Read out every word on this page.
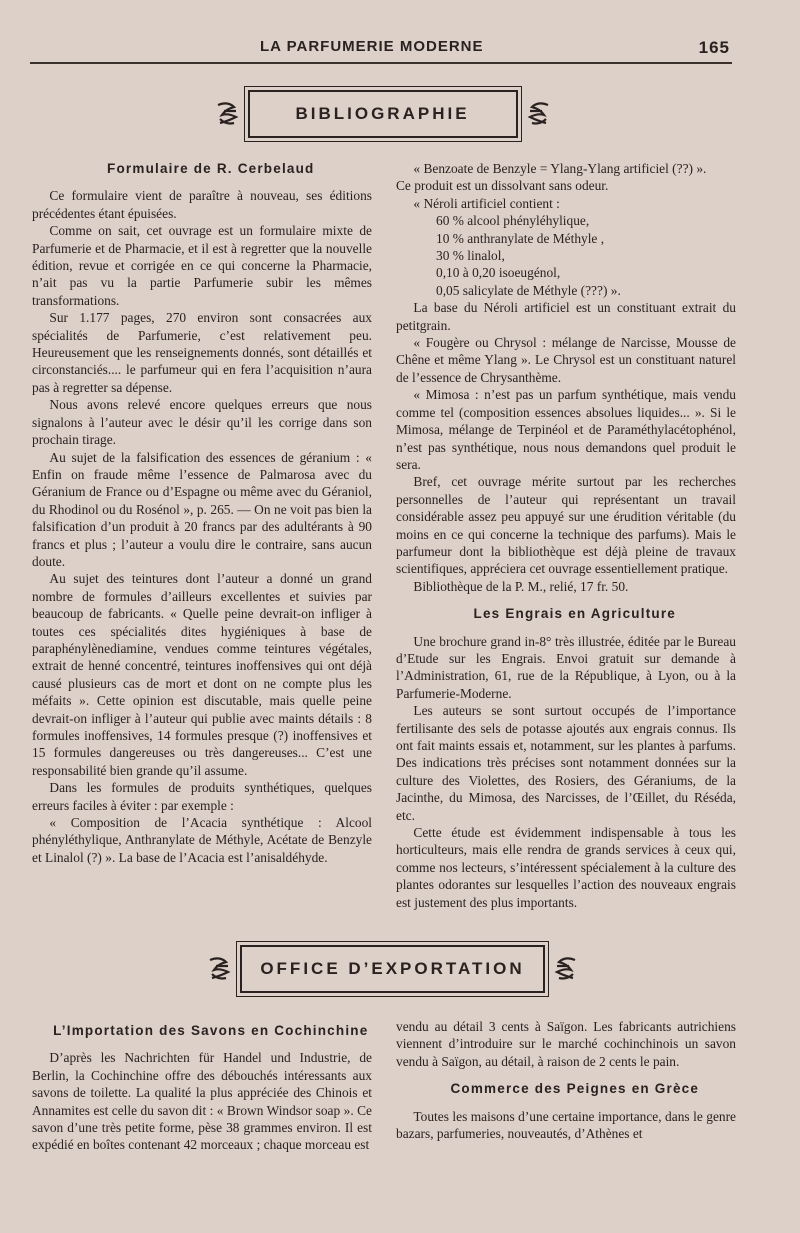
LA PARFUMERIE MODERNE	165
BIBLIOGRAPHIE

Formulaire de R. Cerbelaud

Ce formulaire vient de paraître à nouveau, ses éditions précédentes étant épuisées.

Comme on sait, cet ouvrage est un formulaire mixte de Parfumerie et de Pharmacie, et il est à regretter que la nouvelle édition, revue et corrigée en ce qui concerne la Pharmacie, n’ait pas vu la partie Parfumerie subir les mêmes transformations.

Sur 1.177 pages, 270 environ sont consacrées aux spécialités de Parfumerie, c’est relativement peu. Heureusement que les renseignements donnés, sont détaillés et circonstanciés.... le parfumeur qui en fera l’acquisition n’aura pas à regretter sa dépense.

Nous avons relevé encore quelques erreurs que nous signalons à l’auteur avec le désir qu’il les corrige dans son prochain tirage.

Au sujet de la falsification des essences de géranium : « Enfin on fraude même l’essence de Palmarosa avec du Géranium de France ou d’Espagne ou même avec du Géraniol, du Rhodinol ou du Rosénol », p. 265. — On ne voit pas bien la falsification d’un produit à 20 francs par des adultérants à 90 francs et plus ; l’auteur a voulu dire le contraire, sans aucun doute.

Au sujet des teintures dont l’auteur a donné un grand nombre de formules d’ailleurs excellentes et suivies par beaucoup de fabricants. « Quelle peine devrait-on infliger à toutes ces spécialités dites hygiéniques à base de paraphénylènediamine, vendues comme teintures végétales, extrait de henné concentré, teintures inoffensives qui ont déjà causé plusieurs cas de mort et dont on ne compte plus les méfaits ». Cette opinion est discutable, mais quelle peine devrait-on infliger à l’auteur qui publie avec maints détails : 8 formules inoffensives, 14 formules presque (?) inoffensives et 15 formules dangereuses ou très dangereuses... C’est une responsabilité bien grande qu’il assume.

Dans les formules de produits synthétiques, quelques erreurs faciles à éviter : par exemple :

« Composition de l’Acacia synthétique : Alcool phényléthylique, Anthranylate de Méthyle, Acétate de Benzyle et Linalol (?) ». La base de l’Acacia est l’anisaldéhyde.

« Benzoate de Benzyle = Ylang-Ylang artificiel (??) ».

Ce produit est un dissolvant sans odeur.

« Néroli artificiel contient :

60 % alcool phényléhylique,

10 % anthranylate de Méthyle ,

30 % linalol,

0,10 à 0,20 isoeugénol,

0,05 salicylate de Méthyle (???) ».

La base du Néroli artificiel est un constituant extrait du petitgrain.

« Fougère ou Chrysol : mélange de Narcisse, Mousse de Chêne et même Ylang ». Le Chrysol est un constituant naturel de l’essence de Chrysanthème.

« Mimosa : n’est pas un parfum synthétique, mais vendu comme tel (composition essences absolues liquides... ». Si le Mimosa, mélange de Terpinéol et de Paraméthylacétophénol, n’est pas synthétique, nous nous demandons quel produit le sera.

Bref, cet ouvrage mérite surtout par les recherches personnelles de l’auteur qui représentant un travail considérable assez peu appuyé sur une érudition véritable (du moins en ce qui concerne la technique des parfums). Mais le parfumeur dont la bibliothèque est déjà pleine de travaux scientifiques, appréciera cet ouvrage essentiellement pratique.

Bibliothèque de la P. M., relié, 17 fr. 50.

Les Engrais en Agriculture

Une brochure grand in-8° très illustrée, éditée par le Bureau d’Etude sur les Engrais. Envoi gratuit sur demande à l’Administration, 61, rue de la République, à Lyon, ou à la Parfumerie-Moderne.

Les auteurs se sont surtout occupés de l’importance fertilisante des sels de potasse ajoutés aux engrais connus. Ils ont fait maints essais et, notamment, sur les plantes à parfums. Des indications très précises sont notamment données sur la culture des Violettes, des Rosiers, des Géraniums, de la Jacinthe, du Mimosa, des Narcisses, de l’Œillet, du Réséda, etc.

Cette étude est évidemment indispensable à tous les horticulteurs, mais elle rendra de grands services à ceux qui, comme nos lecteurs, s’intéressent spécialement à la culture des plantes odorantes sur lesquelles l’action des nouveaux engrais est justement des plus importants.

OFFICE D’EXPORTATION

L’Importation des Savons en Cochinchine

D’après les Nachrichten für Handel und Industrie, de Berlin, la Cochinchine offre des débouchés intéressants aux savons de toilette. La qualité la plus appréciée des Chinois et Annamites est celle du savon dit : « Brown Windsor soap ». Ce savon d’une très petite forme, pèse 38 grammes environ. Il est expédié en boîtes contenant 42 morceaux ; chaque morceau est

vendu au détail 3 cents à Saïgon. Les fabricants autrichiens viennent d’introduire sur le marché cochinchinois un savon vendu à Saïgon, au détail, à raison de 2 cents le pain.

Commerce des Peignes en Grèce

Toutes les maisons d’une certaine importance, dans le genre bazars, parfumeries, nouveautés, d’Athènes et
